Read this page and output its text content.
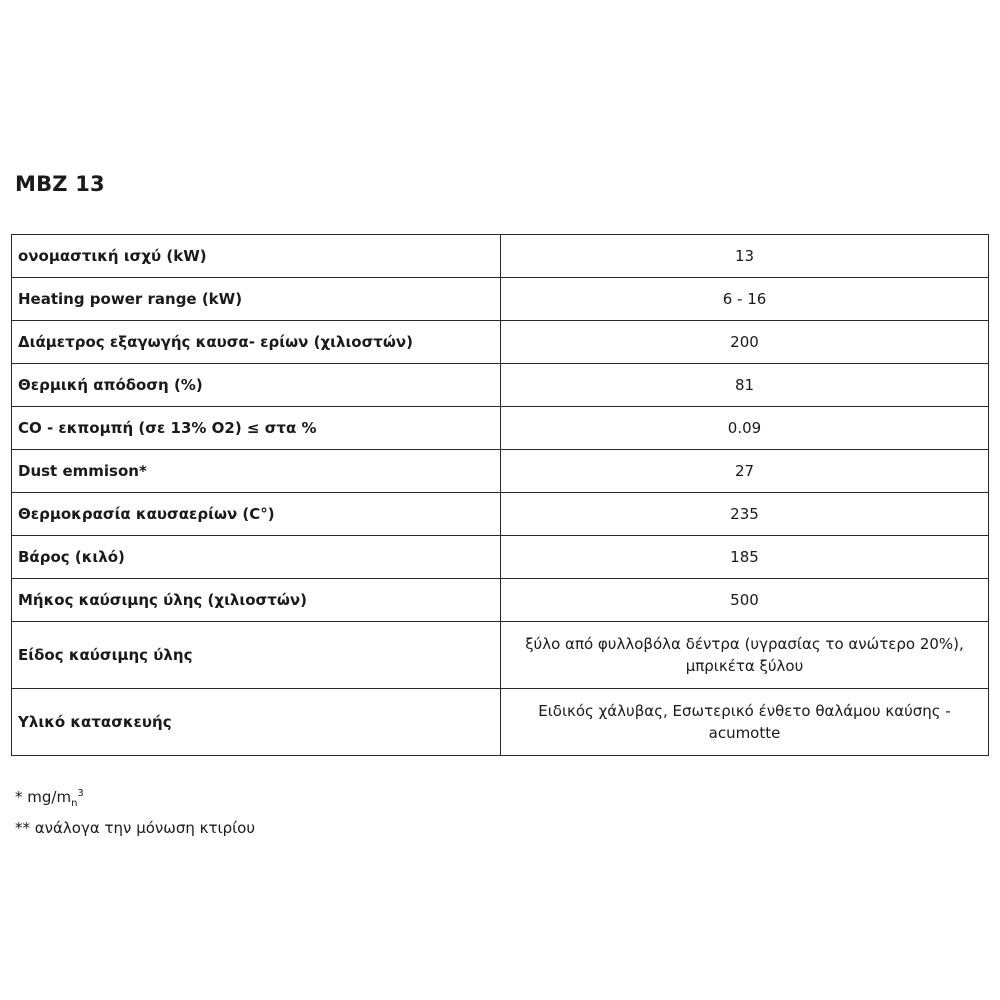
MBZ 13
ονομαστική ισχύ (kW)	13
Heating power range (kW)	6 - 16
Διάμετρος εξαγωγής καυσα- ερίων (χιλιοστών)	200
Θερμική απόδοση (%)	81
CO - εκπομπή (σε 13% O2) ≤ στα %	0.09
Dust emmison*	27
Θερμοκρασία καυσαερίων (C°)	235
Βάρος (κιλό)	185
Μήκος καύσιμης ύλης (χιλιοστών)	500
Είδος καύσιμης ύλης	ξύλο από φυλλοβόλα δέντρα (υγρασίας το ανώτερο 20%),
μπρικέτα ξύλου

Υλικό κατασκευής	Ειδικός χάλυβας, Εσωτερικό ένθετο θαλάμου καύσης -
acumotte
* $mg/m_n^3$
** ανάλογα την μόνωση κτιρίου
